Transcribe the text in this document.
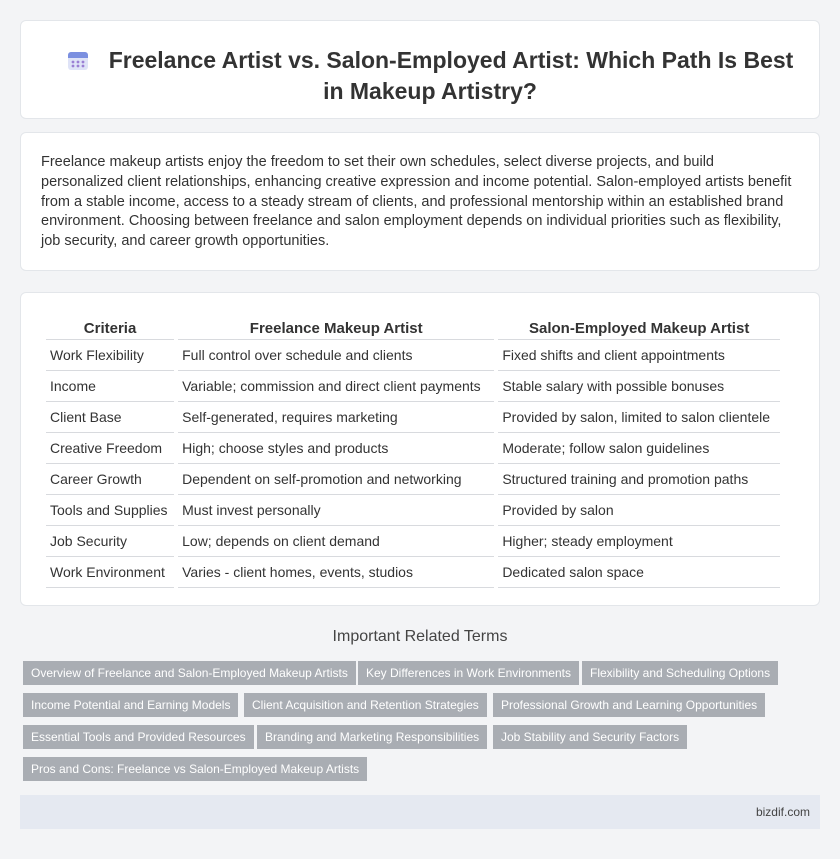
Freelance Artist vs. Salon-Employed Artist: Which Path Is Best in Makeup Artistry?

Freelance makeup artists enjoy the freedom to set their own schedules, select diverse projects, and build personalized client relationships, enhancing creative expression and income potential. Salon-employed artists benefit from a stable income, access to a steady stream of clients, and professional mentorship within an established brand environment. Choosing between freelance and salon employment depends on individual priorities such as flexibility, job security, and career growth opportunities.

Criteria	Freelance Makeup Artist	Salon-Employed Makeup Artist
Work Flexibility	Full control over schedule and clients	Fixed shifts and client appointments
Income	Variable; commission and direct client payments	Stable salary with possible bonuses
Client Base	Self-generated, requires marketing	Provided by salon, limited to salon clientele
Creative Freedom	High; choose styles and products	Moderate; follow salon guidelines
Career Growth	Dependent on self-promotion and networking	Structured training and promotion paths
Tools and Supplies	Must invest personally	Provided by salon
Job Security	Low; depends on client demand	Higher; steady employment
Work Environment	Varies - client homes, events, studios	Dedicated salon space
Important Related Terms
Overview of Freelance and Salon-Employed Makeup Artists	Key Differences in Work Environments	Flexibility and Scheduling Options
Income Potential and Earning Models	Client Acquisition and Retention Strategies	Professional Growth and Learning Opportunities
Essential Tools and Provided Resources	Branding and Marketing Responsibilities	Job Stability and Security Factors
Pros and Cons: Freelance vs Salon-Employed Makeup Artists
bizdif.com
